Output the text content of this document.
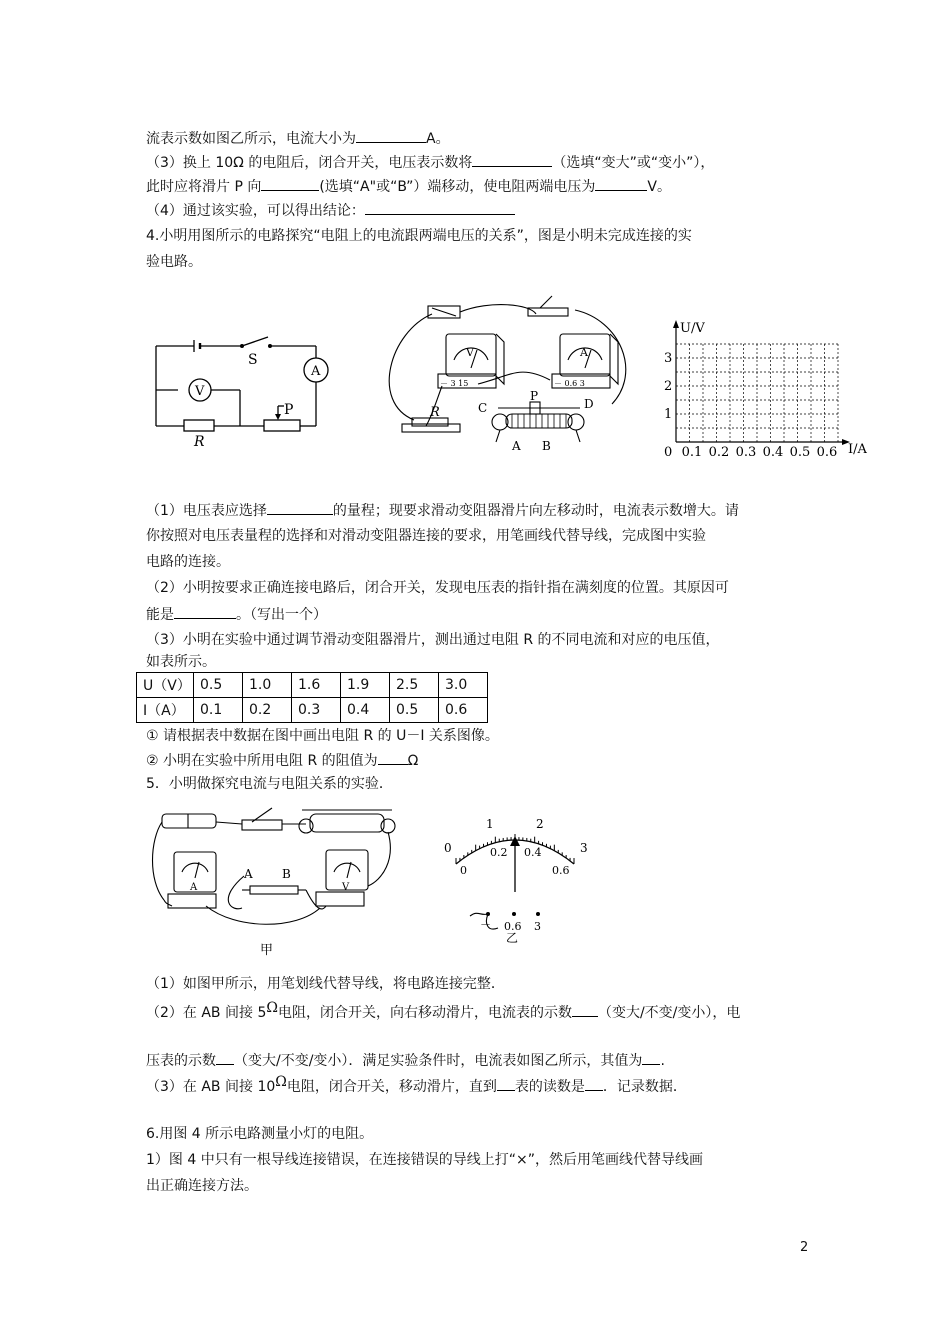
流表示数如图乙所示，电流大小为	A。
（3）换上 10Ω 的电阻后，闭合开关，电压表示数将	（选填“变大”或“变小”），
此时应将滑片 P 向	(选填“A"或“B”）端移动，使电阻两端电压为	V。
（4）通过该实验，可以得出结论：
4.小明用图所示的电路探究“电阻上的电流跟两端电压的关系”，图是小明未完成连接的实
验电路。
（1）电压表应选择	的量程；现要求滑动变阻器滑片向左移动时，电流表示数增大。请
你按照对电压表量程的选择和对滑动变阻器连接的要求，用笔画线代替导线，完成图中实验
电路的连接。
（2）小明按要求正确连接电路后，闭合开关，发现电压表的指针指在满刻度的位置。其原因可
能是	。（写出一个）
（3）小明在实验中通过调节滑动变阻器滑片，测出通过电阻 R 的不同电流和对应的电压值，
如表所示。
U（V）	0.5	1.0	1.6	1.9	2.5	3.0
I（A）	0.1	0.2	0.3	0.4	0.5	0.6
① 请根据表中数据在图中画出电阻 R 的 U－I 关系图像。
② 小明在实验中所用电阻 R 的阻值为 Ω
5．小明做探究电流与电阻关系的实验．
（1）如图甲所示，用笔划线代替导线，将电路连接完整．
（2）在 AB 间接 5Ω电阻，闭合开关，向右移动滑片，电流表的示数 （变大/不变/变小），电
压表的示数 （变大/不变/变小）．满足实验条件时，电流表如图乙所示，其值为 .
（3）在 AB 间接 10Ω电阻，闭合开关，移动滑片，直到 表的读数是 ．记录数据．
6.用图 4 所示电路测量小灯的电阻。
1）图 4 中只有一根导线连接错误，在连接错误的导线上打“×”，然后用笔画线代替导线画
出正确连接方法。
2
S
A
V
P
R
V
－ 3 15
A
－ 0.6 3
R	C
P
D
A B
U/V
I/A
0
1
2
3
0.1 0.2 0.3 0.4 0.5 0.6
A B
A	V
甲
0
1	2
3
0
0.2 0.4
0.6
－ 0.6 3
乙
